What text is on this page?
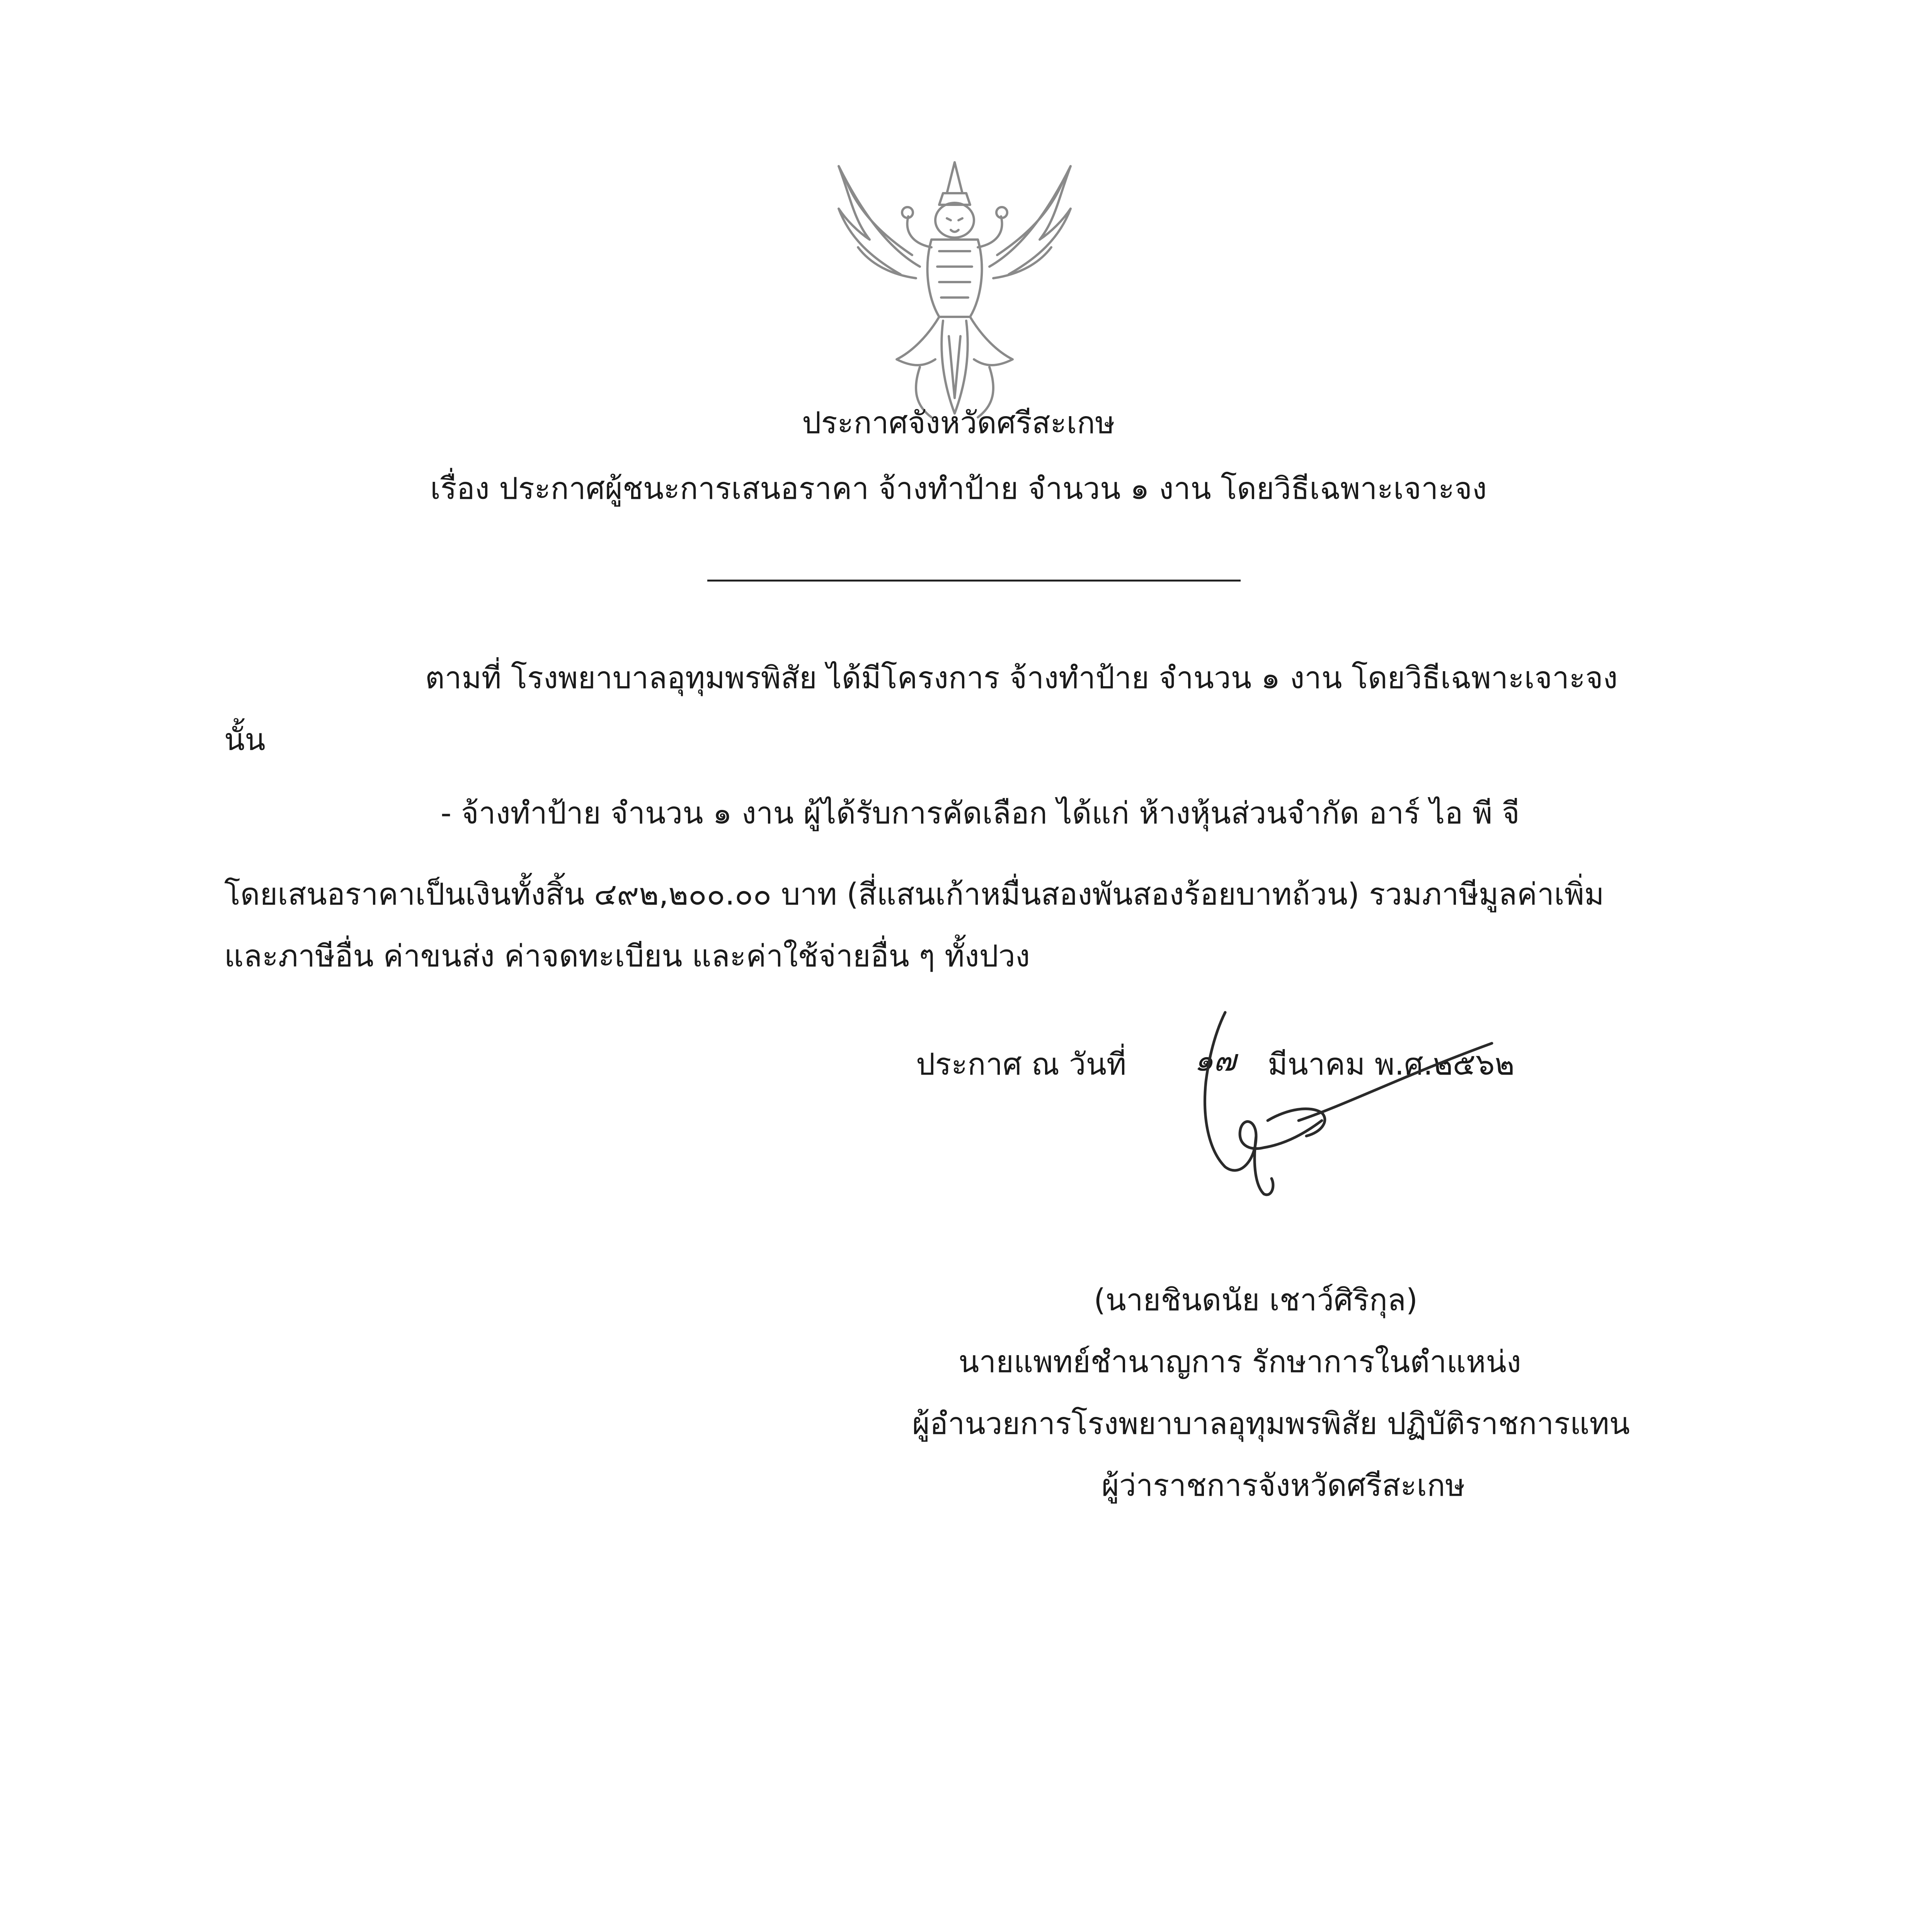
ประกาศจังหวัดศรีสะเกษ
เรื่อง ประกาศผู้ชนะการเสนอราคา จ้างทำป้าย จำนวน ๑ งาน โดยวิธีเฉพาะเจาะจง
ตามที่ โรงพยาบาลอุทุมพรพิสัย ได้มีโครงการ จ้างทำป้าย จำนวน ๑ งาน โดยวิธีเฉพาะเจาะจง
นั้น
- จ้างทำป้าย จำนวน ๑ งาน ผู้ได้รับการคัดเลือก ได้แก่ ห้างหุ้นส่วนจำกัด อาร์ ไอ พี จี
โดยเสนอราคาเป็นเงินทั้งสิ้น ๔๙๒,๒๐๐.๐๐ บาท (สี่แสนเก้าหมื่นสองพันสองร้อยบาทถ้วน) รวมภาษีมูลค่าเพิ่ม
และภาษีอื่น ค่าขนส่ง ค่าจดทะเบียน และค่าใช้จ่ายอื่น ๆ ทั้งปวง
ประกาศ ณ วันที่ ๑๗ มีนาคม พ.ศ.๒๕๖๒
(นายชินดนัย เชาว์ศิริกุล)
นายแพทย์ชำนาญการ รักษาการในตำแหน่ง
ผู้อำนวยการโรงพยาบาลอุทุมพรพิสัย ปฏิบัติราชการแทน
ผู้ว่าราชการจังหวัดศรีสะเกษ
